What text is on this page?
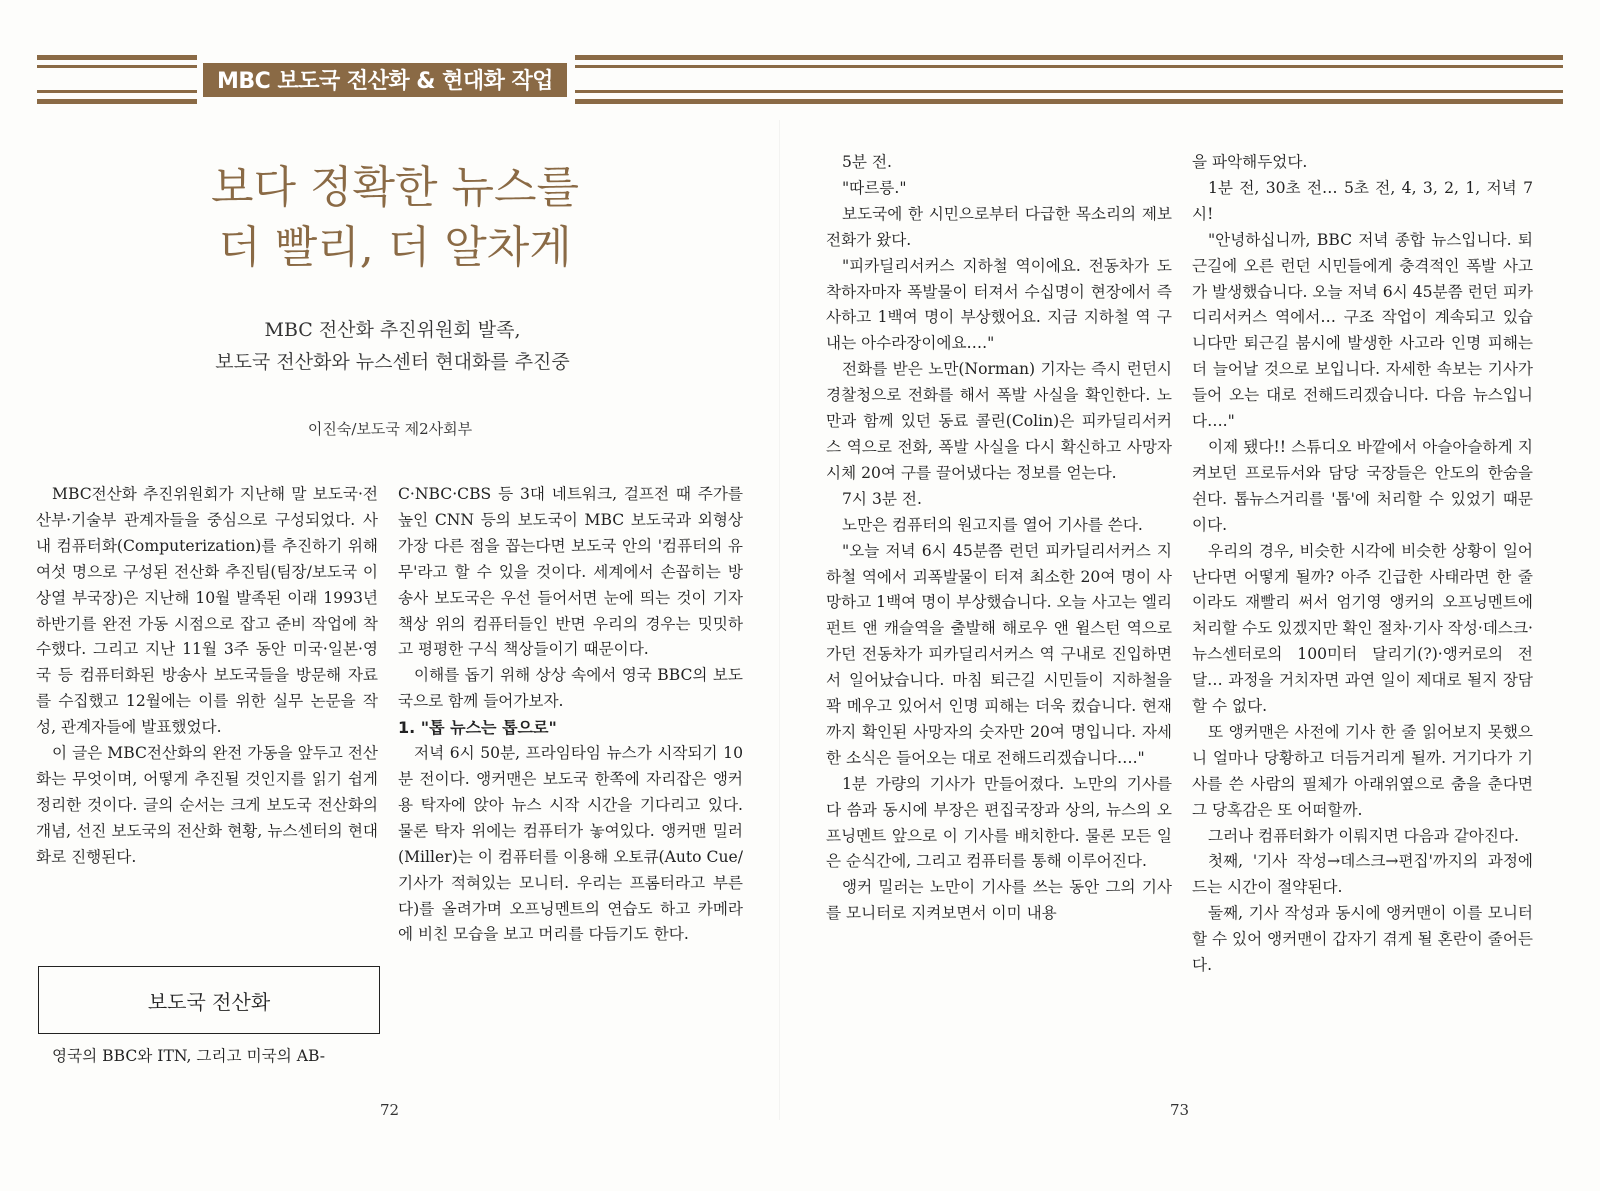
MBC 보도국 전산화 & 현대화 작업
보다 정확한 뉴스를
더 빨리, 더 알차게
MBC 전산화 추진위원회 발족,
보도국 전산화와 뉴스센터 현대화를 추진중
이진숙/보도국 제2사회부

MBC전산화 추진위원회가 지난해 말 보도국·전산부·기술부 관계자들을 중심으로 구성되었다. 사내 컴퓨터화(Computerization)를 추진하기 위해 여섯 명으로 구성된 전산화 추진팀(팀장/보도국 이상열 부국장)은 지난해 10월 발족된 이래 1993년 하반기를 완전 가동 시점으로 잡고 준비 작업에 착수했다. 그리고 지난 11월 3주 동안 미국·일본·영국 등 컴퓨터화된 방송사 보도국들을 방문해 자료를 수집했고 12월에는 이를 위한 실무 논문을 작성, 관계자들에 발표했었다.

이 글은 MBC전산화의 완전 가동을 앞두고 전산화는 무엇이며, 어떻게 추진될 것인지를 읽기 쉽게 정리한 것이다. 글의 순서는 크게 보도국 전산화의 개념, 선진 보도국의 전산화 현황, 뉴스센터의 현대화로 진행된다.

보도국 전산화
영국의 BBC와 ITN, 그리고 미국의 AB-

C·NBC·CBS 등 3대 네트워크, 걸프전 때 주가를 높인 CNN 등의 보도국이 MBC 보도국과 외형상 가장 다른 점을 꼽는다면 보도국 안의 '컴퓨터의 유무'라고 할 수 있을 것이다. 세계에서 손꼽히는 방송사 보도국은 우선 들어서면 눈에 띄는 것이 기자 책상 위의 컴퓨터들인 반면 우리의 경우는 밋밋하고 평평한 구식 책상들이기 때문이다.

이해를 돕기 위해 상상 속에서 영국 BBC의 보도국으로 함께 들어가보자.

1. "톱 뉴스는 톱으로"

저녁 6시 50분, 프라임타임 뉴스가 시작되기 10분 전이다. 앵커맨은 보도국 한쪽에 자리잡은 앵커용 탁자에 앉아 뉴스 시작 시간을 기다리고 있다. 물론 탁자 위에는 컴퓨터가 놓여있다. 앵커맨 밀러(Miller)는 이 컴퓨터를 이용해 오토큐(Auto Cue/기사가 적혀있는 모니터. 우리는 프롬터라고 부른다)를 올려가며 오프닝멘트의 연습도 하고 카메라에 비친 모습을 보고 머리를 다듬기도 한다.

5분 전.

"따르릉."

보도국에 한 시민으로부터 다급한 목소리의 제보 전화가 왔다.

"피카딜리서커스 지하철 역이에요. 전동차가 도착하자마자 폭발물이 터져서 수십명이 현장에서 즉사하고 1백여 명이 부상했어요. 지금 지하철 역 구내는 아수라장이에요…."

전화를 받은 노만(Norman) 기자는 즉시 런던시 경찰청으로 전화를 해서 폭발 사실을 확인한다. 노만과 함께 있던 동료 콜린(Colin)은 피카딜리서커스 역으로 전화, 폭발 사실을 다시 확신하고 사망자 시체 20여 구를 끌어냈다는 정보를 얻는다.

7시 3분 전.

노만은 컴퓨터의 원고지를 열어 기사를 쓴다.

"오늘 저녁 6시 45분쯤 런던 피카딜리서커스 지하철 역에서 괴폭발물이 터져 최소한 20여 명이 사망하고 1백여 명이 부상했습니다. 오늘 사고는 엘리펀트 앤 캐슬역을 출발해 해로우 앤 윌스턴 역으로 가던 전동차가 피카딜리서커스 역 구내로 진입하면서 일어났습니다. 마침 퇴근길 시민들이 지하철을 꽉 메우고 있어서 인명 피해는 더욱 컸습니다. 현재까지 확인된 사망자의 숫자만 20여 명입니다. 자세한 소식은 들어오는 대로 전해드리겠습니다…."

1분 가량의 기사가 만들어졌다. 노만의 기사를 다 씀과 동시에 부장은 편집국장과 상의, 뉴스의 오프닝멘트 앞으로 이 기사를 배치한다. 물론 모든 일은 순식간에, 그리고 컴퓨터를 통해 이루어진다.

앵커 밀러는 노만이 기사를 쓰는 동안 그의 기사를 모니터로 지켜보면서 이미 내용

을 파악해두었다.

1분 전, 30초 전… 5초 전, 4, 3, 2, 1, 저녁 7시!

"안녕하십니까, BBC 저녁 종합 뉴스입니다. 퇴근길에 오른 런던 시민들에게 충격적인 폭발 사고가 발생했습니다. 오늘 저녁 6시 45분쯤 런던 피카디리서커스 역에서… 구조 작업이 계속되고 있습니다만 퇴근길 붐시에 발생한 사고라 인명 피해는 더 늘어날 것으로 보입니다. 자세한 속보는 기사가 들어 오는 대로 전해드리겠습니다. 다음 뉴스입니다…."

이제 됐다!! 스튜디오 바깥에서 아슬아슬하게 지켜보던 프로듀서와 담당 국장들은 안도의 한숨을 쉰다. 톱뉴스거리를 '톱'에 처리할 수 있었기 때문이다.

우리의 경우, 비슷한 시각에 비슷한 상황이 일어난다면 어떻게 될까? 아주 긴급한 사태라면 한 줄이라도 재빨리 써서 엄기영 앵커의 오프닝멘트에 처리할 수도 있겠지만 확인 절차·기사 작성·데스크·뉴스센터로의 100미터 달리기(?)·앵커로의 전달… 과정을 거치자면 과연 일이 제대로 될지 장담할 수 없다.

또 앵커맨은 사전에 기사 한 줄 읽어보지 못했으니 얼마나 당황하고 더듬거리게 될까. 거기다가 기사를 쓴 사람의 필체가 아래위옆으로 춤을 춘다면 그 당혹감은 또 어떠할까.

그러나 컴퓨터화가 이뤄지면 다음과 같아진다.

첫째, '기사 작성→데스크→편집'까지의 과정에 드는 시간이 절약된다.

둘째, 기사 작성과 동시에 앵커맨이 이를 모니터할 수 있어 앵커맨이 갑자기 겪게 될 혼란이 줄어든다.

72	73
